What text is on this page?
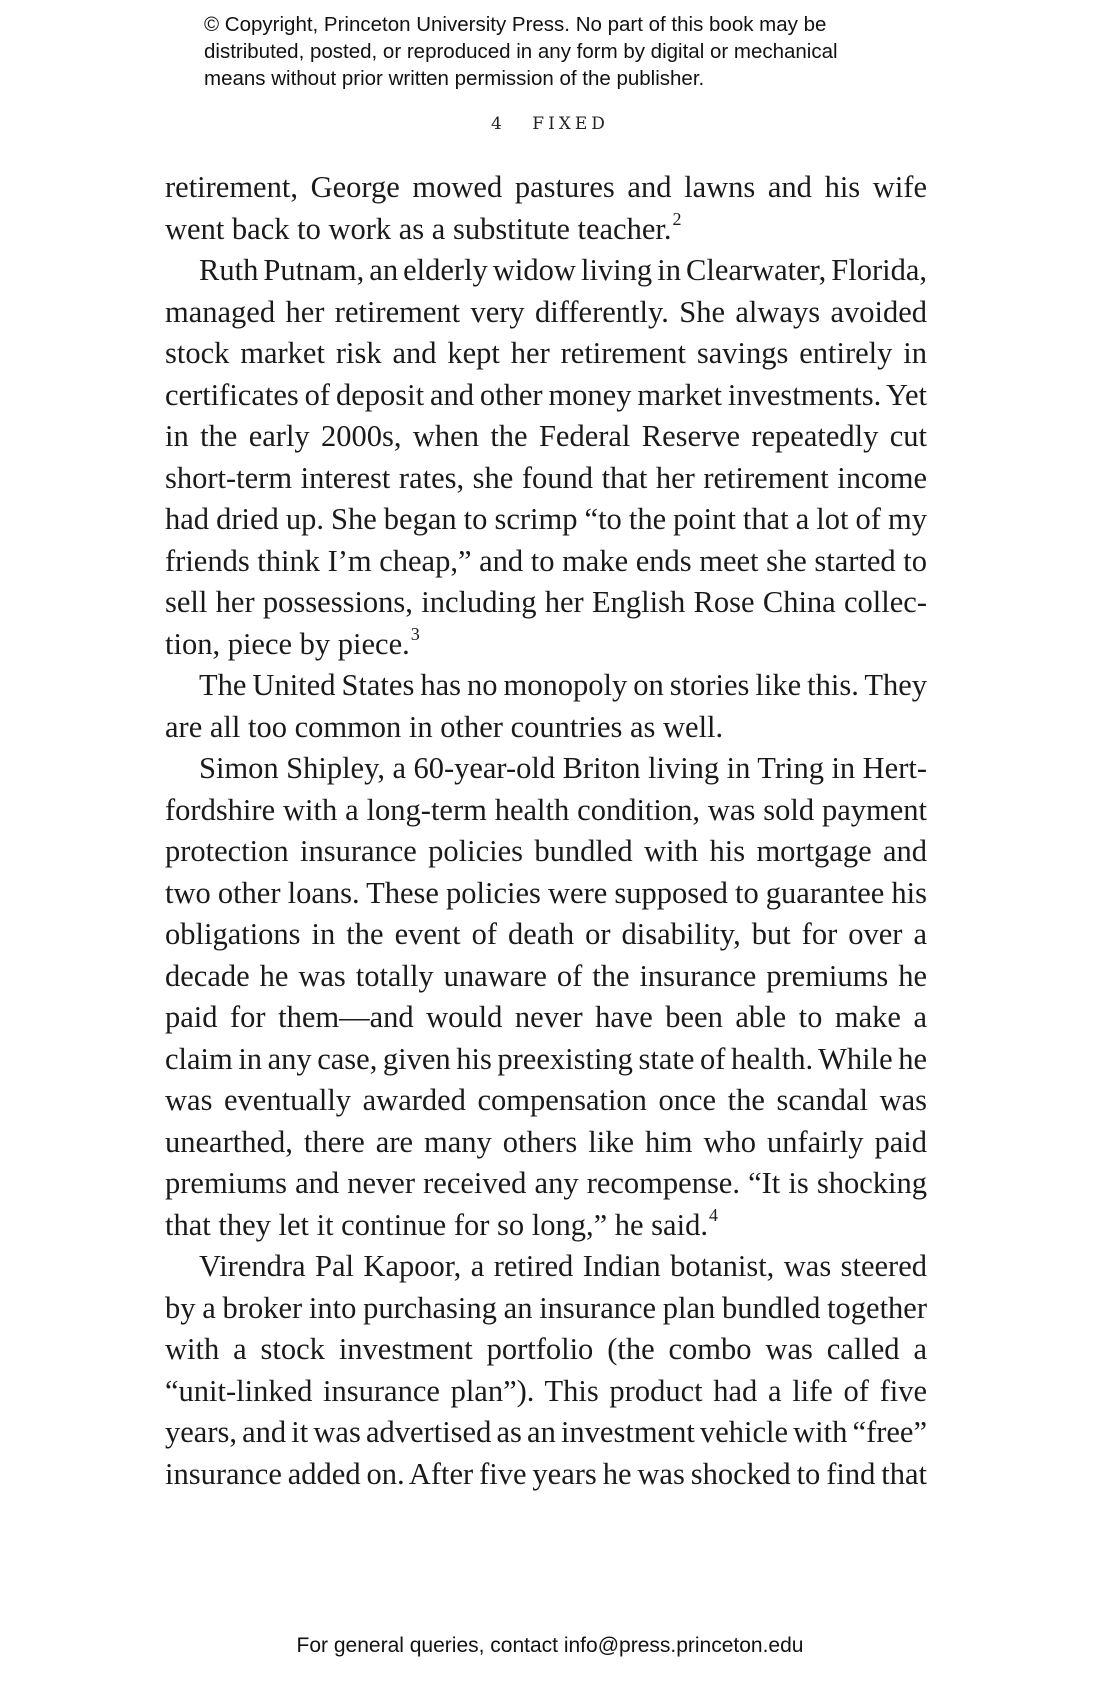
© Copyright, Princeton University Press. No part of this book may be
distributed, posted, or reproduced in any form by digital or mechanical
means without prior written permission of the publisher.
4 FIXED
retirement, George mowed pastures and lawns and his wife
went back to work as a substitute teacher.$^2$
Ruth Putnam, an elderly widow living in Clearwater, Florida,
managed her retirement very differently. She always avoided
stock market risk and kept her retirement savings entirely in
certificates of deposit and other money market investments. Yet
in the early 2000s, when the Federal Reserve repeatedly cut
short-term interest rates, she found that her retirement income
had dried up. She began to scrimp “to the point that a lot of my
friends think I’m cheap,” and to make ends meet she started to
sell her possessions, including her English Rose China collec-
tion, piece by piece.$^3$
The United States has no monopoly on stories like this. They
are all too common in other countries as well.
Simon Shipley, a 60-year-old Briton living in Tring in Hert-
fordshire with a long-term health condition, was sold payment
protection insurance policies bundled with his mortgage and
two other loans. These policies were supposed to guarantee his
obligations in the event of death or disability, but for over a
decade he was totally unaware of the insurance premiums he
paid for them—and would never have been able to make a
claim in any case, given his preexisting state of health. While he
was eventually awarded compensation once the scandal was
unearthed, there are many others like him who unfairly paid
premiums and never received any recompense. “It is shocking
that they let it continue for so long,” he said.$^4$
Virendra Pal Kapoor, a retired Indian botanist, was steered
by a broker into purchasing an insurance plan bundled together
with a stock investment portfolio (the combo was called a
“unit-linked insurance plan”). This product had a life of five
years, and it was advertised as an investment vehicle with “free”
insurance added on. After five years he was shocked to find that
For general queries, contact info@press.princeton.edu
